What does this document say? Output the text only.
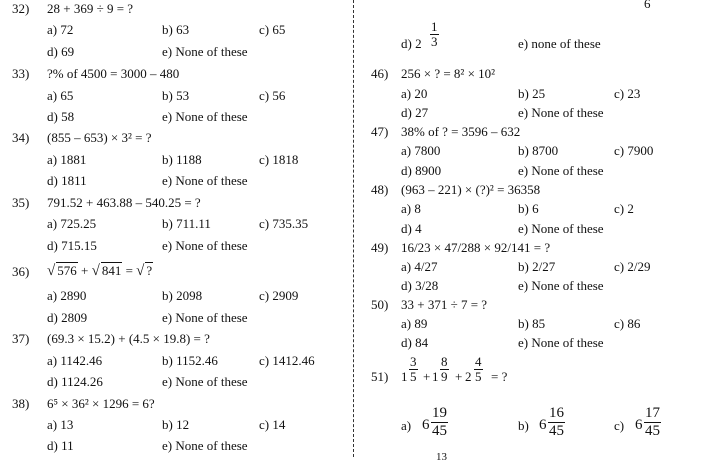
32) 28 + 369 ÷ 9 = ?
a) 72	b) 63	c) 65
d) 69	e) None of these
33) ?% of 4500 = 3000 – 480
a) 65	b) 53	c) 56
d) 58	e) None of these
34) (855 – 653) × 3² = ?
a) 1881	b) 1188	c) 1818
d) 1811	e) None of these
35) 791.52 + 463.88 – 540.25 = ?
a) 725.25	b) 711.11	c) 735.35
d) 715.15	e) None of these
36) √ 576 + √ 841 = √ ?
a) 2890	b) 2098	c) 2909
d) 2809	e) None of these
37) (69.3 × 15.2) + (4.5 × 19.8) = ?
a) 1142.46	b) 1152.46	c) 1412.46
d) 1124.26	e) None of these
38) 6⁵ × 36² × 1296 = 6?
a) 13	b) 12	c) 14
d) 11	e) None of these
6
d) $2 \frac{1}{3}$	e) none of these
46) 256 × ? = 8² × 10²
a) 20	b) 25	c) 23
d) 27	e) None of these
47) 38% of ? = 3596 – 632
a) 7800	b) 8700	c) 7900
d) 8900	e) None of these
48) (963 – 221) × (?)² = 36358
a) 8	b) 6	c) 2
d) 4	e) None of these
49) 16/23 × 47/288 × 92/141 = ?
a) 4/27	b) 2/27	c) 2/29
d) 3/28	e) None of these
50) 33 + 371 ÷ 7 = ?
a) 89	b) 85	c) 86
d) 84	e) None of these
51) $1 \frac{3}{5} + 1 \frac{8}{9} + 2 \frac{4}{5}$ = ?
a) $6 \frac{19}{45}$	b) $6 \frac{16}{45}$	c) $6 \frac{17}{45}$
13
